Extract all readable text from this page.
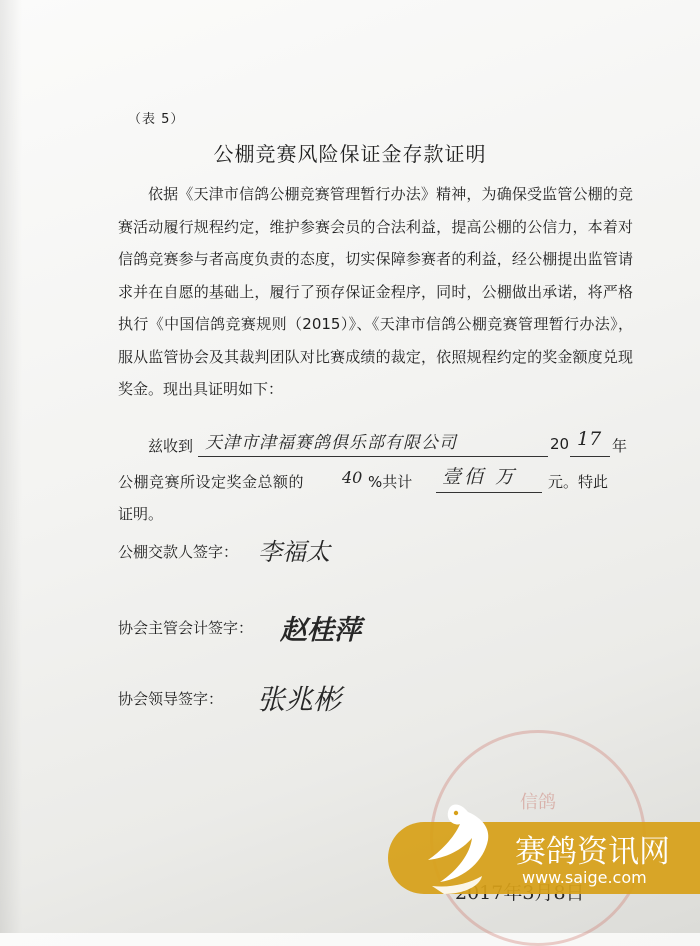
（表 5）
公棚竞赛风险保证金存款证明
依据《天津市信鸽公棚竞赛管理暂行办法》精神，为确保受监管公棚的竞赛活动履行规程约定，维护参赛会员的合法利益，提高公棚的公信力，本着对信鸽竞赛参与者高度负责的态度，切实保障参赛者的利益，经公棚提出监管请求并在自愿的基础上，履行了预存保证金程序，同时，公棚做出承诺，将严格执行《中国信鸽竞赛规则（2015）》、《天津市信鸽公棚竞赛管理暂行办法》，服从监管协会及其裁判团队对比赛成绩的裁定，依照规程约定的奖金额度兑现奖金。现出具证明如下：
兹收到 天津市津福赛鸽俱乐部有限公司	20 17 年
公棚竞赛所设定奖金总额的 40 %共计 壹佰 万 元。特此
证明。
公棚交款人签字： 李福太
协会主管会计签字： 赵桂萍
协会领导签字： 张兆彬
信鸽
赛鸽资讯网
www.saige.com
